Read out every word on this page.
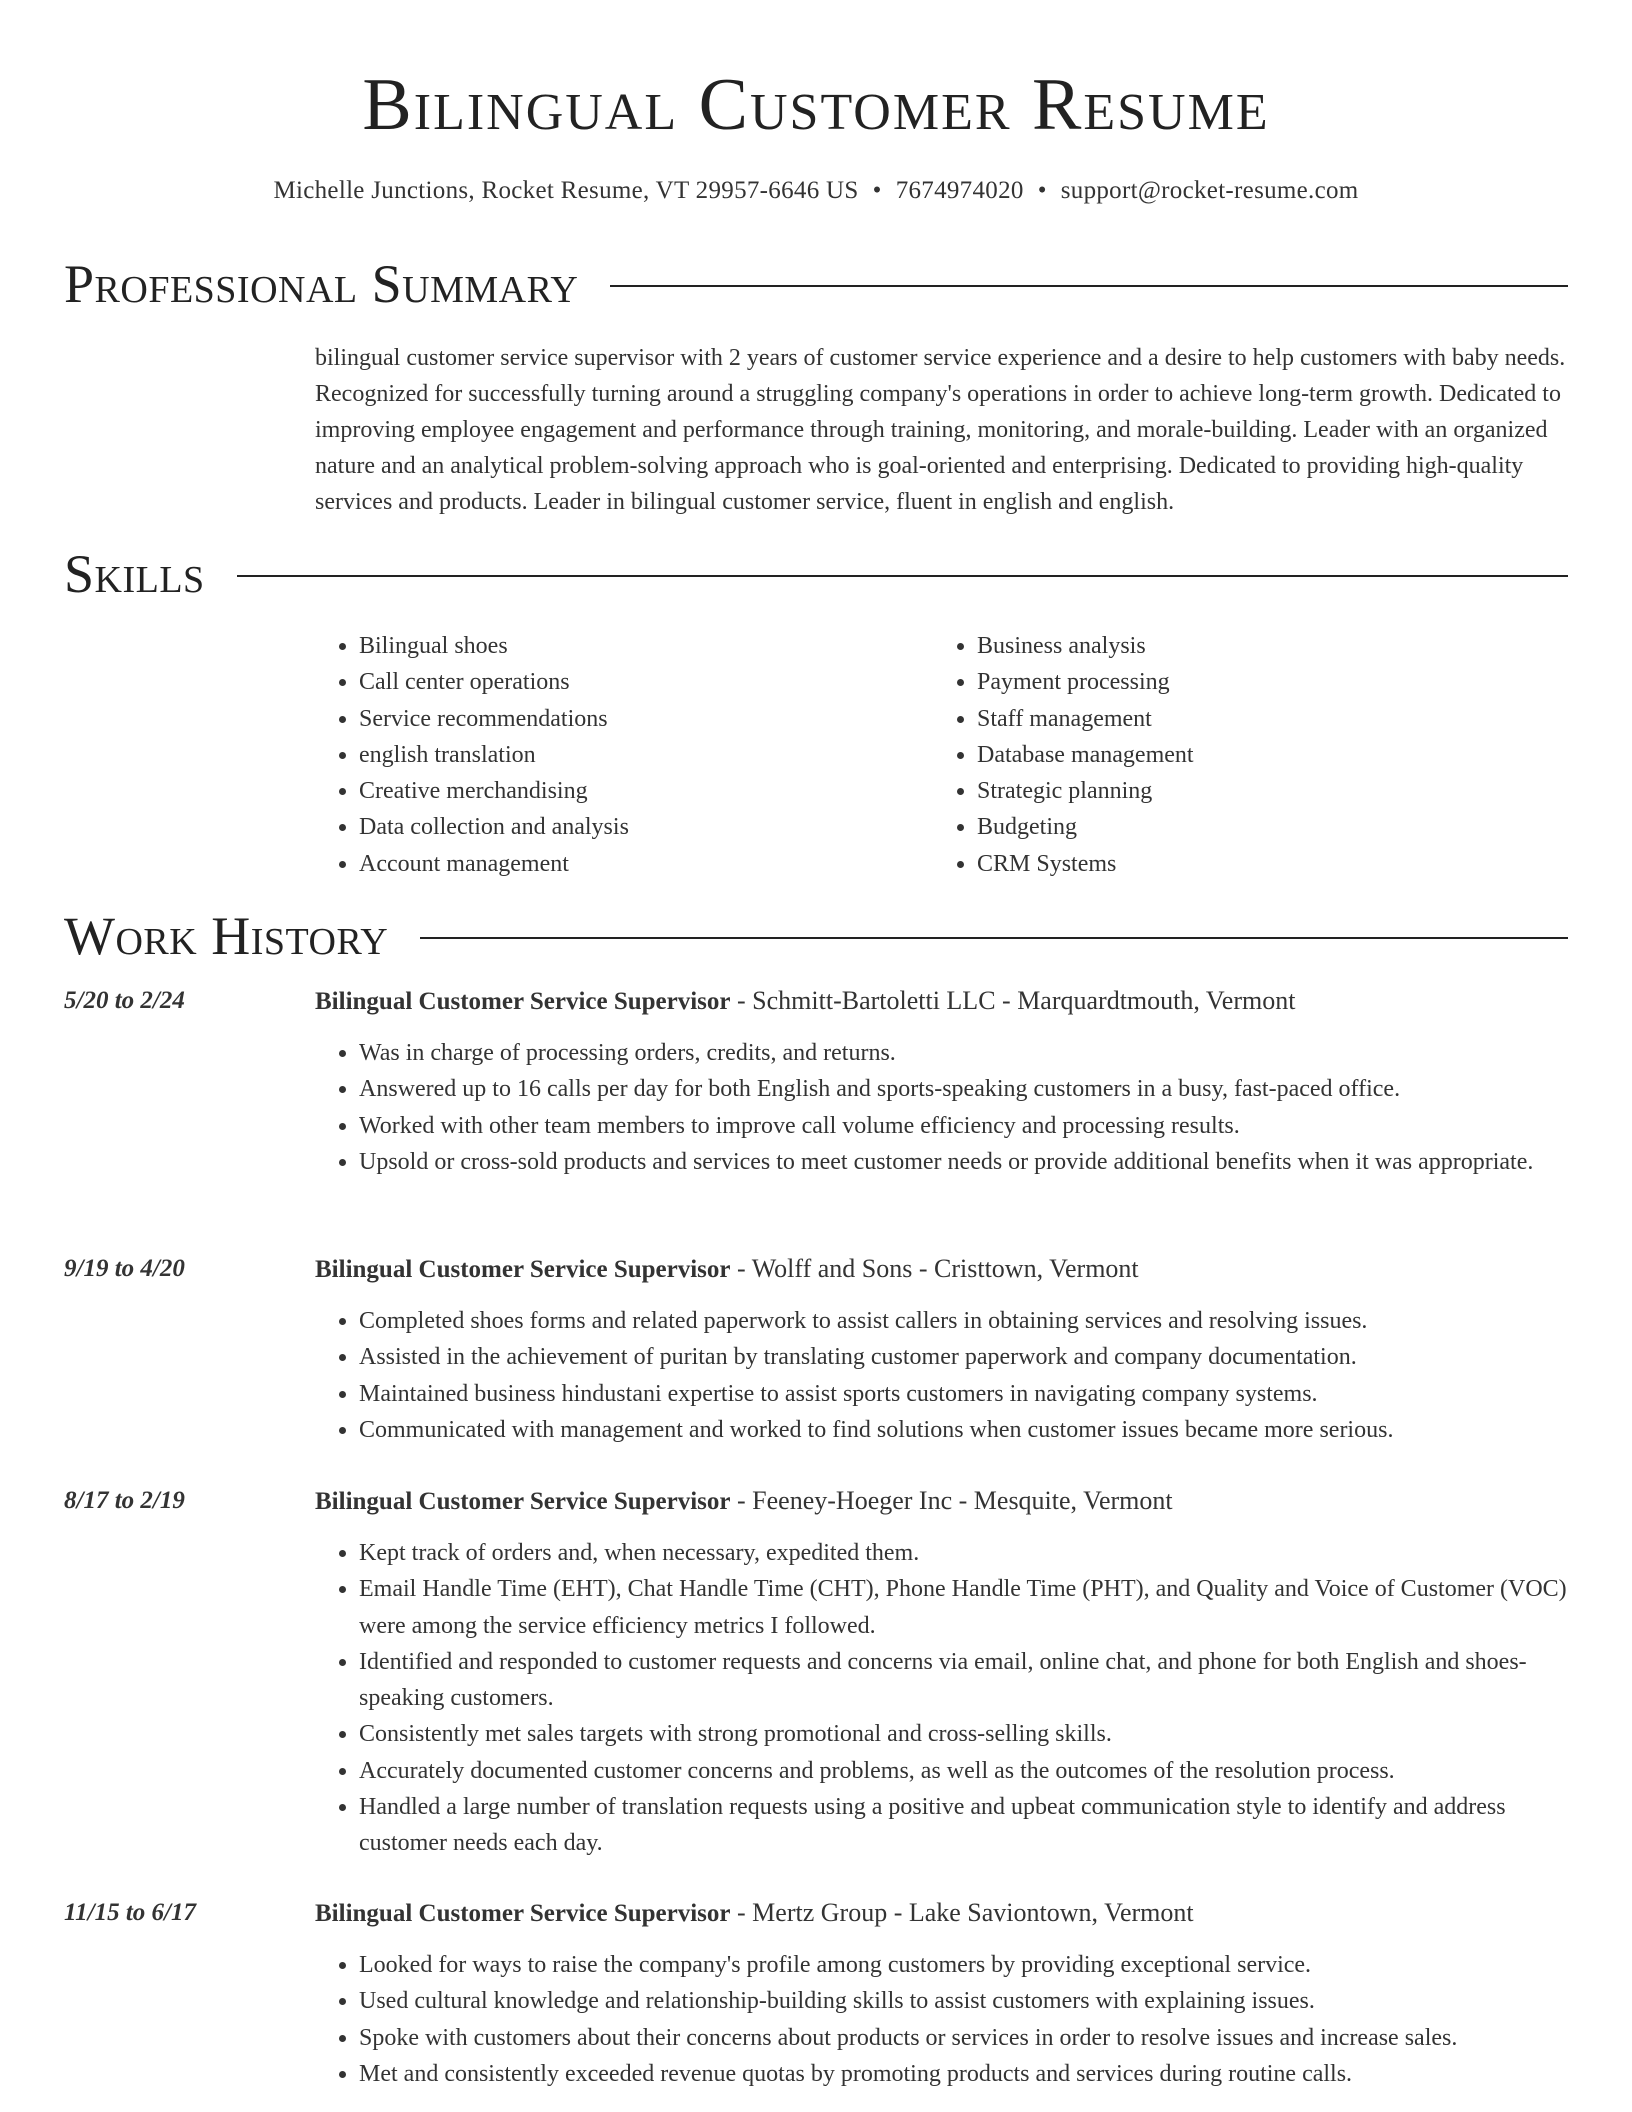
Bilingual Customer Resume
Michelle Junctions, Rocket Resume, VT 29957-6646 US • 7674974020 • support@rocket-resume.com
Professional Summary

bilingual customer service supervisor with 2 years of customer service experience and a desire to help customers with baby needs. Recognized for successfully turning around a struggling company's operations in order to achieve long-term growth. Dedicated to improving employee engagement and performance through training, monitoring, and morale-building. Leader with an organized nature and an analytical problem-solving approach who is goal-oriented and enterprising. Dedicated to providing high-quality services and products. Leader in bilingual customer service, fluent in english and english.

Skills
• Bilingual shoes
• Call center operations
• Service recommendations
• english translation
• Creative merchandising
• Data collection and analysis
• Account management
• Business analysis
• Payment processing
• Staff management
• Database management
• Strategic planning
• Budgeting
• CRM Systems
Work History
5/20 to 2/24	Bilingual Customer Service Supervisor - Schmitt-Bartoletti LLC - Marquardtmouth, Vermont
• Was in charge of processing orders, credits, and returns.
• Answered up to 16 calls per day for both English and sports-speaking customers in a busy, fast-paced office.
• Worked with other team members to improve call volume efficiency and processing results.
• Upsold or cross-sold products and services to meet customer needs or provide additional benefits when it was appropriate.
9/19 to 4/20	Bilingual Customer Service Supervisor - Wolff and Sons - Cristtown, Vermont
• Completed shoes forms and related paperwork to assist callers in obtaining services and resolving issues.
• Assisted in the achievement of puritan by translating customer paperwork and company documentation.
• Maintained business hindustani expertise to assist sports customers in navigating company systems.
• Communicated with management and worked to find solutions when customer issues became more serious.
8/17 to 2/19	Bilingual Customer Service Supervisor - Feeney-Hoeger Inc - Mesquite, Vermont
• Kept track of orders and, when necessary, expedited them.
• Email Handle Time (EHT), Chat Handle Time (CHT), Phone Handle Time (PHT), and Quality and Voice of Customer (VOC) were among the service efficiency metrics I followed.
• Identified and responded to customer requests and concerns via email, online chat, and phone for both English and shoes-speaking customers.
• Consistently met sales targets with strong promotional and cross-selling skills.
• Accurately documented customer concerns and problems, as well as the outcomes of the resolution process.
• Handled a large number of translation requests using a positive and upbeat communication style to identify and address customer needs each day.
11/15 to 6/17	Bilingual Customer Service Supervisor - Mertz Group - Lake Saviontown, Vermont
• Looked for ways to raise the company's profile among customers by providing exceptional service.
• Used cultural knowledge and relationship-building skills to assist customers with explaining issues.
• Spoke with customers about their concerns about products or services in order to resolve issues and increase sales.
• Met and consistently exceeded revenue quotas by promoting products and services during routine calls.
